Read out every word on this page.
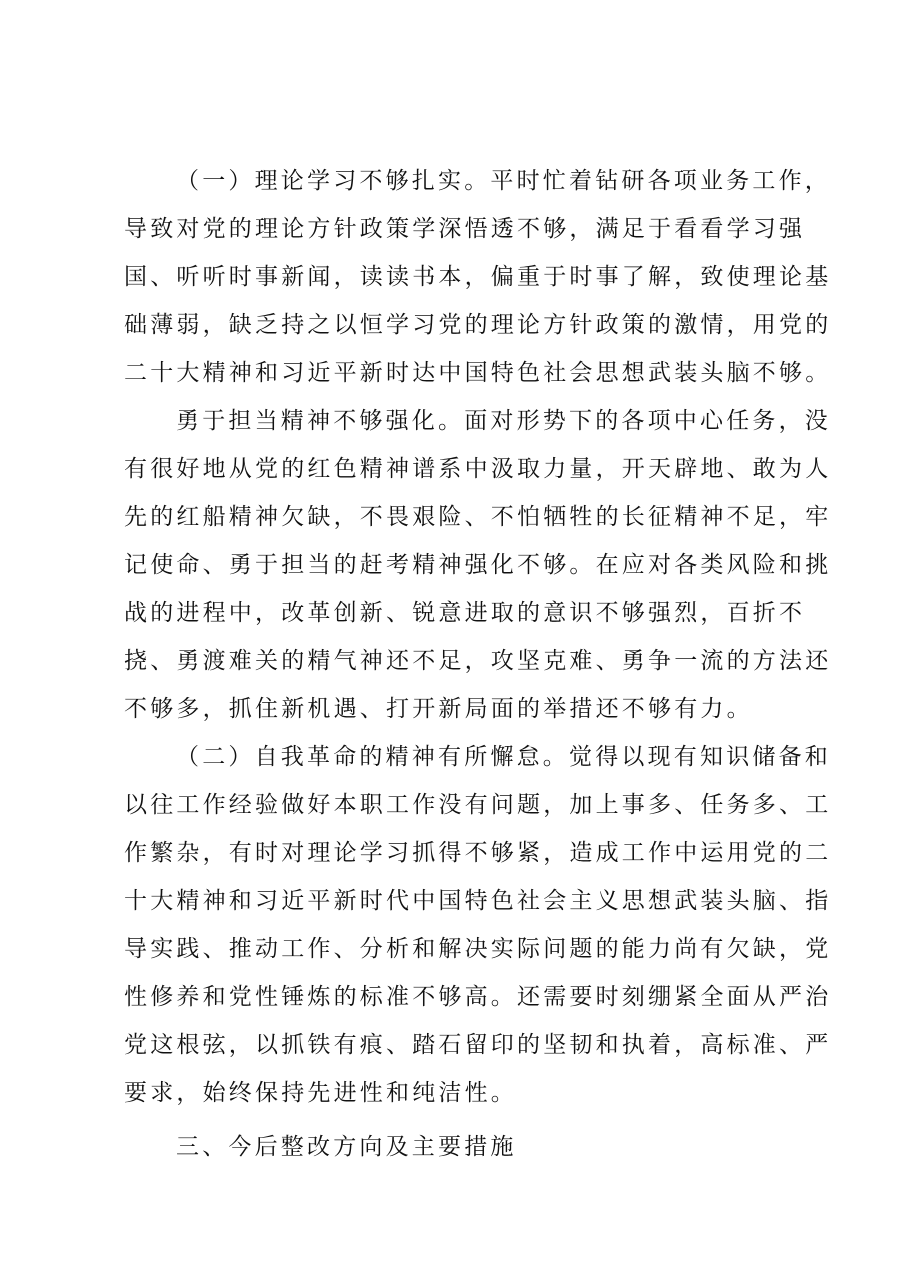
（一）理论学习不够扎实。平时忙着钻研各项业务工作，
导致对党的理论方针政策学深悟透不够，满足于看看学习强
国、听听时事新闻，读读书本，偏重于时事了解，致使理论基
础薄弱，缺乏持之以恒学习党的理论方针政策的激情，用党的
二十大精神和习近平新时达中国特色社会思想武装头脑不够。
勇于担当精神不够强化。面对形势下的各项中心任务，没
有很好地从党的红色精神谱系中汲取力量，开天辟地、敢为人
先的红船精神欠缺，不畏艰险、不怕牺牲的长征精神不足，牢
记使命、勇于担当的赶考精神强化不够。在应对各类风险和挑
战的进程中，改革创新、锐意进取的意识不够强烈，百折不
挠、勇渡难关的精气神还不足，攻坚克难、勇争一流的方法还
不够多，抓住新机遇、打开新局面的举措还不够有力。
（二）自我革命的精神有所懈怠。觉得以现有知识储备和
以往工作经验做好本职工作没有问题，加上事多、任务多、工
作繁杂，有时对理论学习抓得不够紧，造成工作中运用党的二
十大精神和习近平新时代中国特色社会主义思想武装头脑、指
导实践、推动工作、分析和解决实际问题的能力尚有欠缺，党
性修养和党性锤炼的标准不够高。还需要时刻绷紧全面从严治
党这根弦，以抓铁有痕、踏石留印的坚韧和执着，高标准、严
要求，始终保持先进性和纯洁性。
三、今后整改方向及主要措施
